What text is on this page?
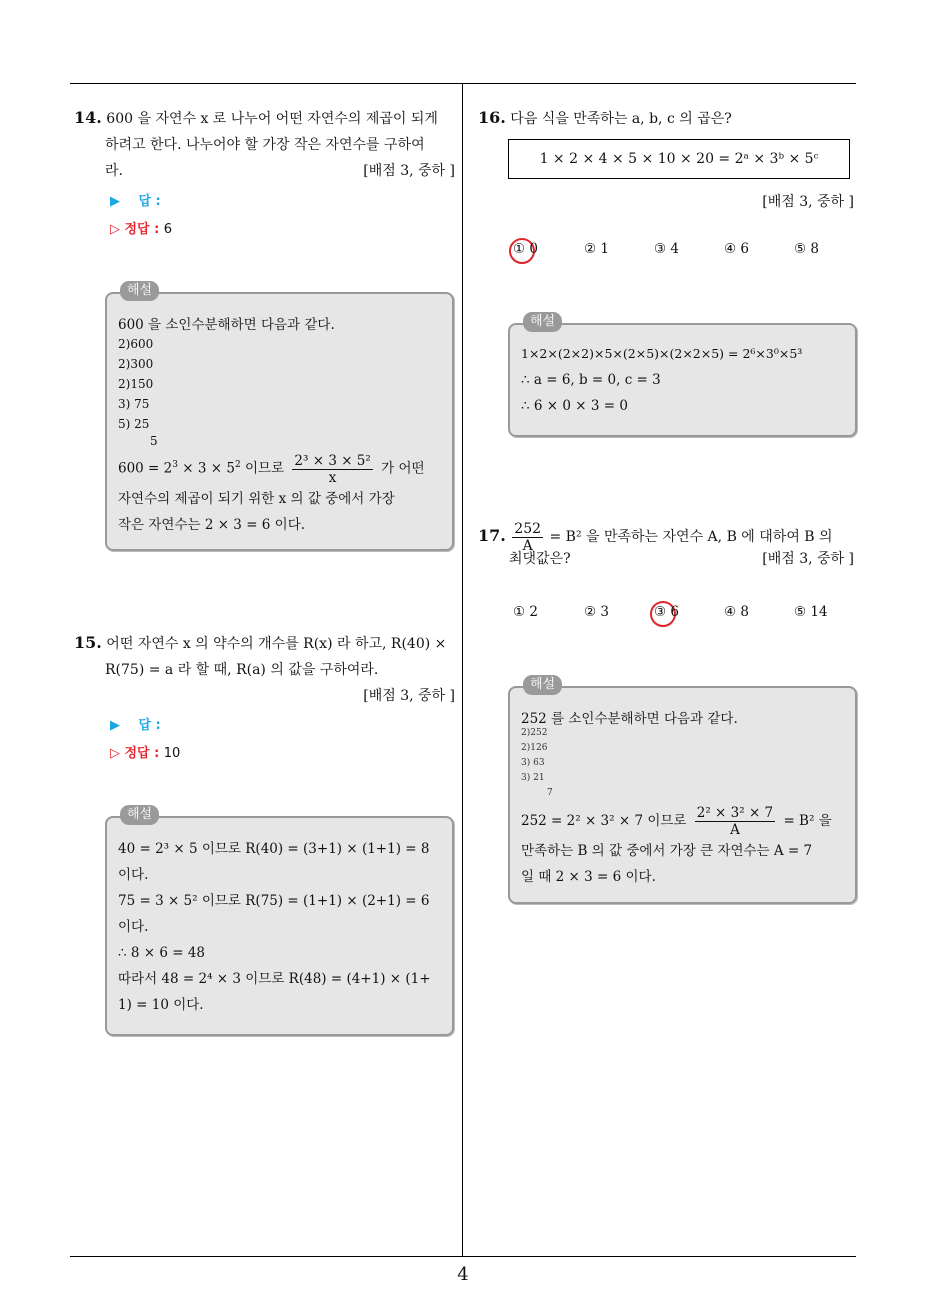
4
14. 600 을 자연수 x 로 나누어 어떤 자연수의 제곱이 되게
하려고 한다. 나누어야 할 가장 작은 자연수를 구하여
라.	[배점 3, 중하 ]
▶ 답 :
▷ 정답 : 6
해설
600 을 소인수분해하면 다음과 같다.
2)600
2)300
2)150
3) 75
5) 25
5
$600 = 2^3 \times 3 \times 5^2$ 이므로 $\frac{\text{2³ × 3 × 5²}}{x}$ 가 어떤
자연수의 제곱이 되기 위한 x 의 값 중에서 가장
작은 자연수는 2 × 3 = 6 이다.
15. 어떤 자연수 x 의 약수의 개수를 R(x) 라 하고, R(40) ×
R(75) = a 라 할 때, R(a) 의 값을 구하여라.
[배점 3, 중하 ]
▶ 답 :
▷ 정답 : 10
해설
40 = 2³ × 5 이므로 R(40) = (3+1) × (1+1) = 8
이다.
75 = 3 × 5² 이므로 R(75) = (1+1) × (2+1) = 6
이다.
∴ 8 × 6 = 48
따라서 48 = 2⁴ × 3 이므로 R(48) = (4+1) × (1+
1) = 10 이다.
16. 다음 식을 만족하는 a, b, c 의 곱은?
1 × 2 × 4 × 5 × 10 × 20 = 2ᵃ × 3ᵇ × 5ᶜ
[배점 3, 중하 ]
① 0	② 1	③ 4	④ 6	⑤ 8
해설
1×2×(2×2)×5×(2×5)×(2×2×5) = 2⁶×3⁰×5³
∴ a = 6, b = 0, c = 3
∴ 6 × 0 × 3 = 0
17. $\frac{252}{A} = B^2$ 을 만족하는 자연수 A, B 에 대하여 B 의
최댓값은?	[배점 3, 중하 ]
① 2	② 3	③ 6	④ 8	⑤ 14
해설
252 를 소인수분해하면 다음과 같다.
2)252
2)126
3) 63
3) 21
7
252 = 2² × 3² × 7 이므로 $\frac{\text{2² × 3² × 7}}{A} = B^2$ 을
만족하는 B 의 값 중에서 가장 큰 자연수는 A = 7
일 때 2 × 3 = 6 이다.
